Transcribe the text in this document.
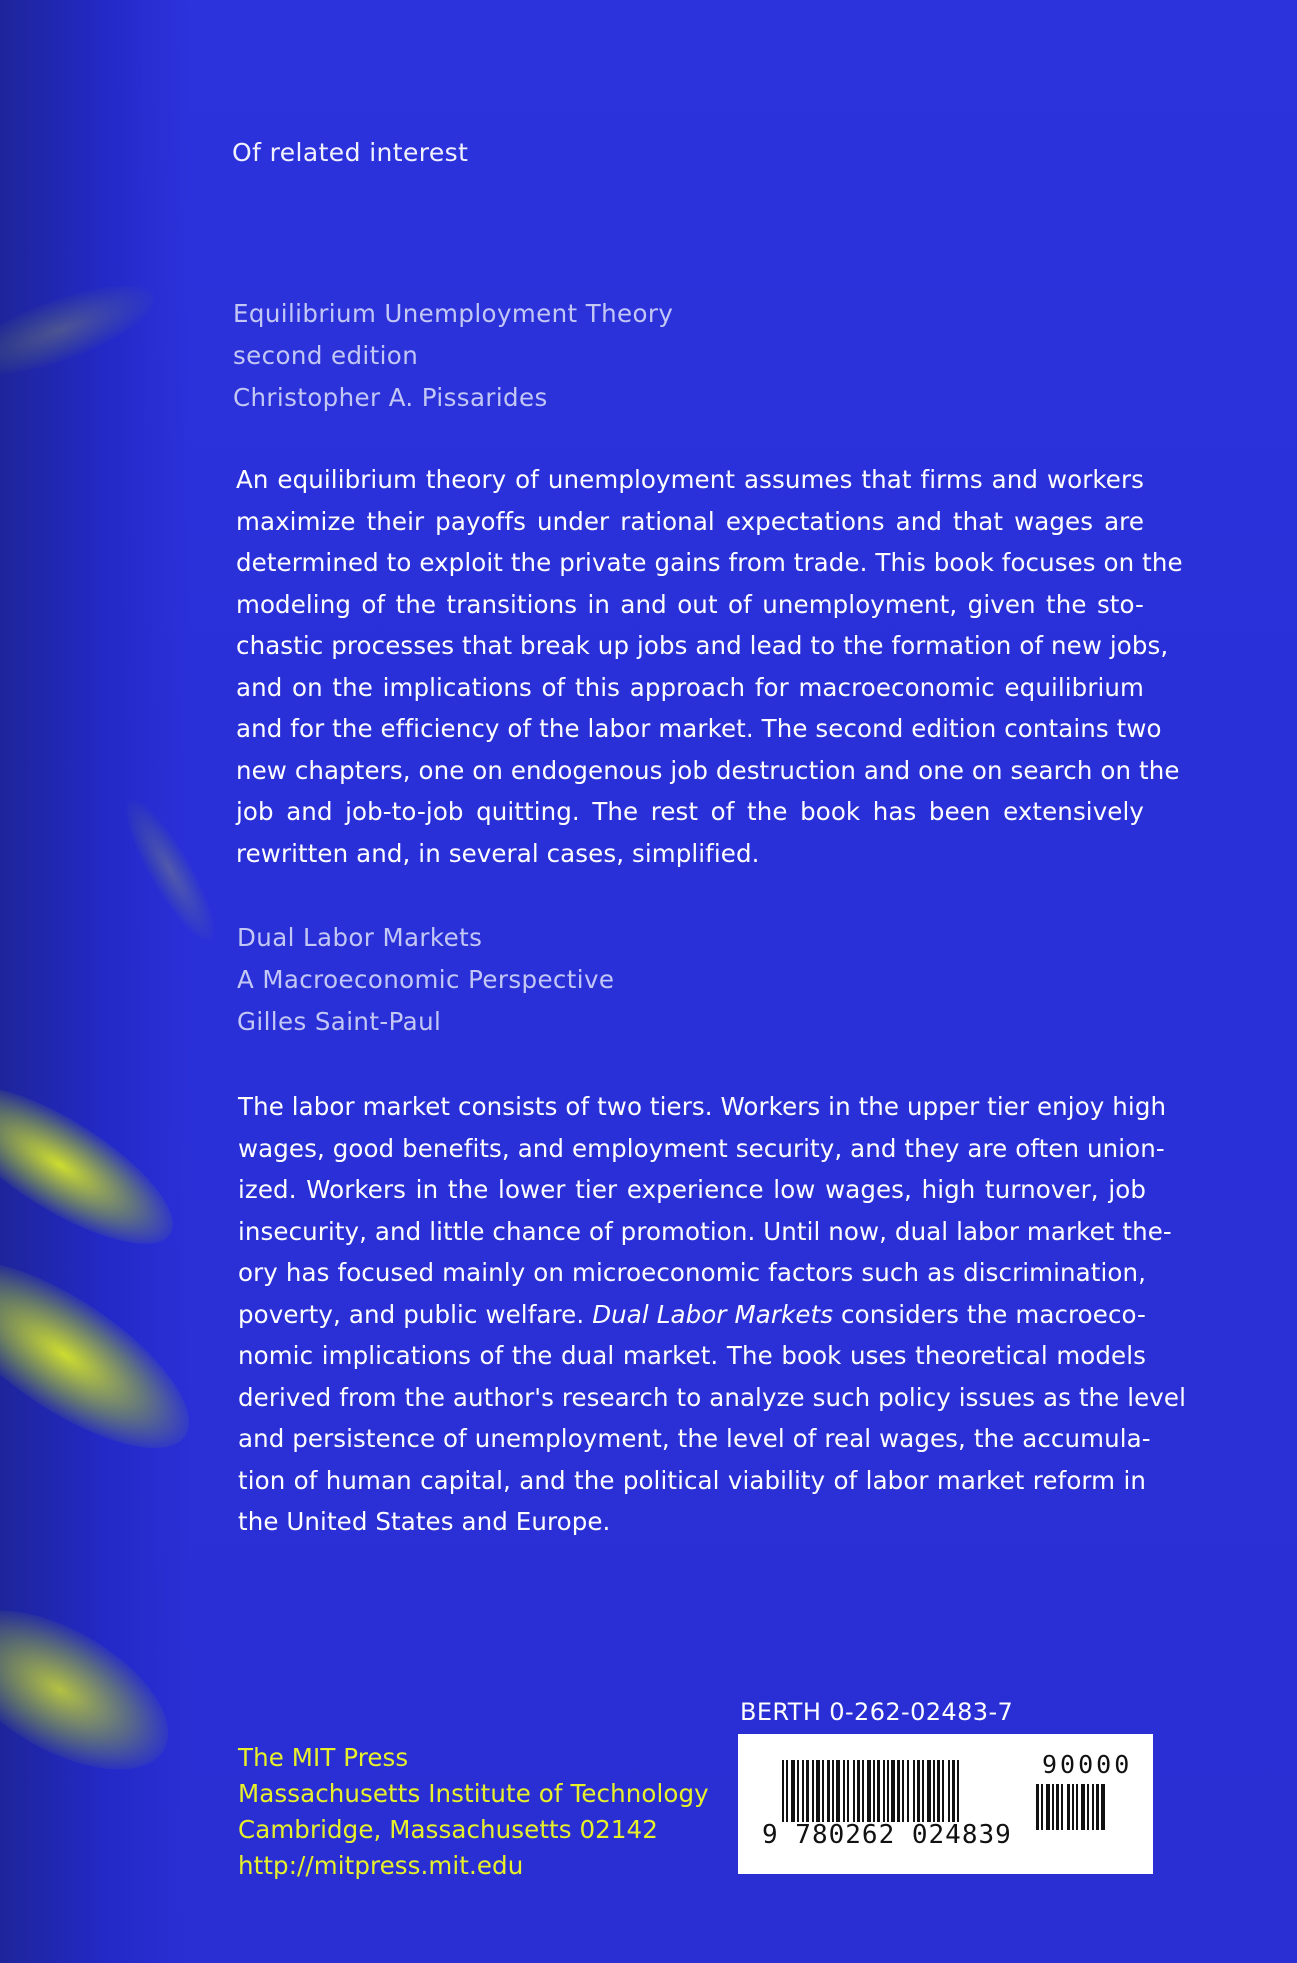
Of related interest
Equilibrium Unemployment Theory
second edition
Christopher A. Pissarides
An equilibrium theory of unemployment assumes that firms and workers
maximize their payoffs under rational expectations and that wages are
determined to exploit the private gains from trade. This book focuses on the
modeling of the transitions in and out of unemployment, given the sto-
chastic processes that break up jobs and lead to the formation of new jobs,
and on the implications of this approach for macroeconomic equilibrium
and for the efficiency of the labor market. The second edition contains two
new chapters, one on endogenous job destruction and one on search on the
job and job-to-job quitting. The rest of the book has been extensively
rewritten and, in several cases, simplified.
Dual Labor Markets
A Macroeconomic Perspective
Gilles Saint-Paul
The labor market consists of two tiers. Workers in the upper tier enjoy high
wages, good benefits, and employment security, and they are often union-
ized. Workers in the lower tier experience low wages, high turnover, job
insecurity, and little chance of promotion. Until now, dual labor market the-
ory has focused mainly on microeconomic factors such as discrimination,
poverty, and public welfare. Dual Labor Markets considers the macroeco-
nomic implications of the dual market. The book uses theoretical models
derived from the author's research to analyze such policy issues as the level
and persistence of unemployment, the level of real wages, the accumula-
tion of human capital, and the political viability of labor market reform in
the United States and Europe.
The MIT Press
Massachusetts Institute of Technology
Cambridge, Massachusetts 02142
http://mitpress.mit.edu
BERTH 0-262-02483-7
90000
9 780262 024839
